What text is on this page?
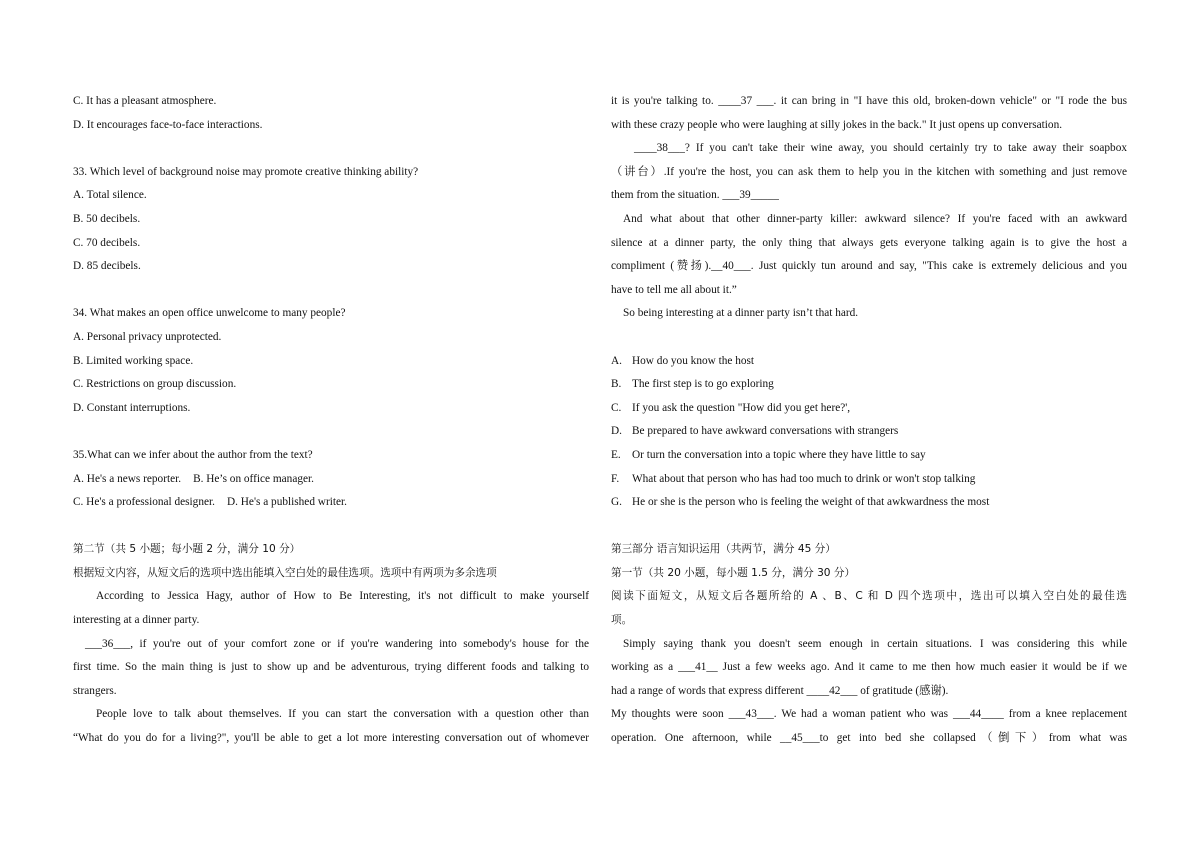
C. It has a pleasant atmosphere.
D. It encourages face-to-face interactions.
33. Which level of background noise may promote creative thinking ability?
A. Total silence.
B. 50 decibels.
C. 70 decibels.
D. 85 decibels.
34. What makes an open office unwelcome to many people?
A. Personal privacy unprotected.
B. Limited working space.
C. Restrictions on group discussion.
D. Constant interruptions.
35.What can we infer about the author from the text?
A. He's a news reporter. B. He’s on office manager.
C. He's a professional designer. D. He's a published writer.
第二节（共 5 小题；每小题 2 分，满分 10 分）
根据短文内容，从短文后的选项中选出能填入空白处的最佳选项。选项中有两项为多余选项
According to Jessica Hagy, author of How to Be Interesting, it's not difficult to make yourself
interesting at a dinner party.
___36___, if you're out of your comfort zone or if you're wandering into somebody's house for the
first time. So the main thing is just to show up and be adventurous, trying different foods and talking to
strangers.
People love to talk about themselves. If you can start the conversation with a question other than
“What do you do for a living?", you'll be able to get a lot more interesting conversation out of whomever
it is you're talking to. ____37 ___. it can bring in "I have this old, broken-down vehicle" or "I rode the bus
with these crazy people who were laughing at silly jokes in the back." It just opens up conversation.
____38___? If you can't take their wine away, you should certainly try to take away their soapbox
（讲台）.If you're the host, you can ask them to help you in the kitchen with something and just remove
them from the situation. ___39_____
And what about that other dinner-party killer: awkward silence? If you're faced with an awkward
silence at a dinner party, the only thing that always gets everyone talking again is to give the host a
compliment (赞扬).__40___. Just quickly tun around and say, "This cake is extremely delicious and you
have to tell me all about it.”
So being interesting at a dinner party isn’t that hard.
A. How do you know the host
B. The first step is to go exploring
C. If you ask the question "How did you get here?',
D. Be prepared to have awkward conversations with strangers
E. Or turn the conversation into a topic where they have little to say
F.	What about that person who has had too much to drink or won't stop talking
G. He or she is the person who is feeling the weight of that awkwardness the most
第三部分 语言知识运用（共两节，满分 45 分）
第一节（共 20 小题，每小题 1.5 分，满分 30 分）
阅读下面短文，从短文后各题所给的 A 、B、C 和 D 四个选项中，选出可以填入空白处的最佳选
项。
Simply saying thank you doesn't seem enough in certain situations. I was considering this while
working as a ___41__ Just a few weeks ago. And it came to me then how much easier it would be if we
had a range of words that express different ____42___ of gratitude (感谢).
My thoughts were soon ___43___. We had a woman patient who was ___44____ from a knee replacement
operation. One afternoon, while __45___to get into bed she collapsed（倒下）from what was
